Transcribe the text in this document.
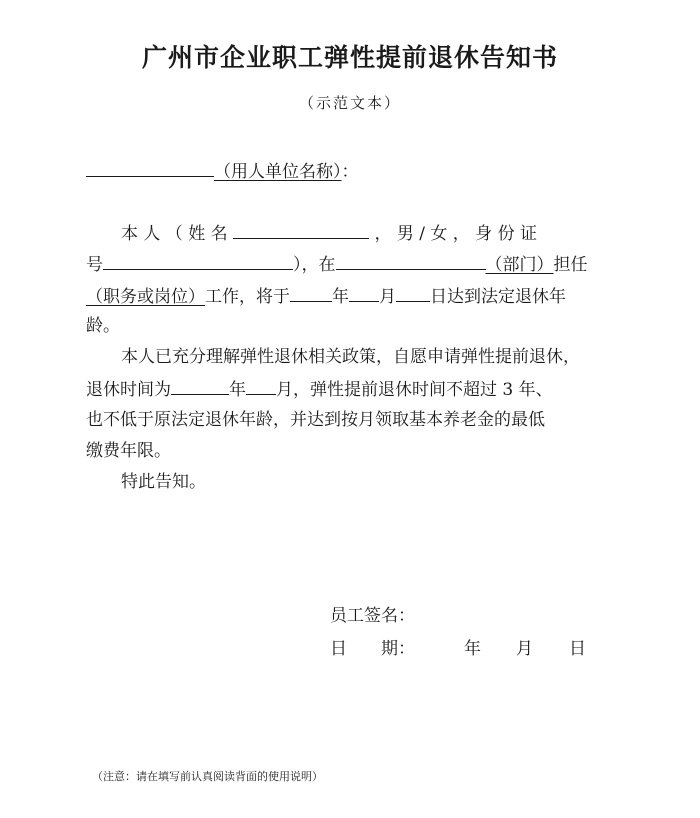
广州市企业职工弹性提前退休告知书
（示范文本）
（用人单位名称）：
本 人 （ 姓 名	， 男 / 女 ， 身 份 证
号	），在	（部门）担任
（职务或岗位）工作，将于 年 月 日达到法定退休年
龄。
本人已充分理解弹性退休相关政策，自愿申请弹性提前退休，
退休时间为	年 月，弹性提前退休时间不超过 3 年、
也不低于原法定退休年龄，并达到按月领取基本养老金的最低
缴费年限。
特此告知。
员工签名：
日　　期：	年 月 日
（注意：请在填写前认真阅读背面的使用说明）
